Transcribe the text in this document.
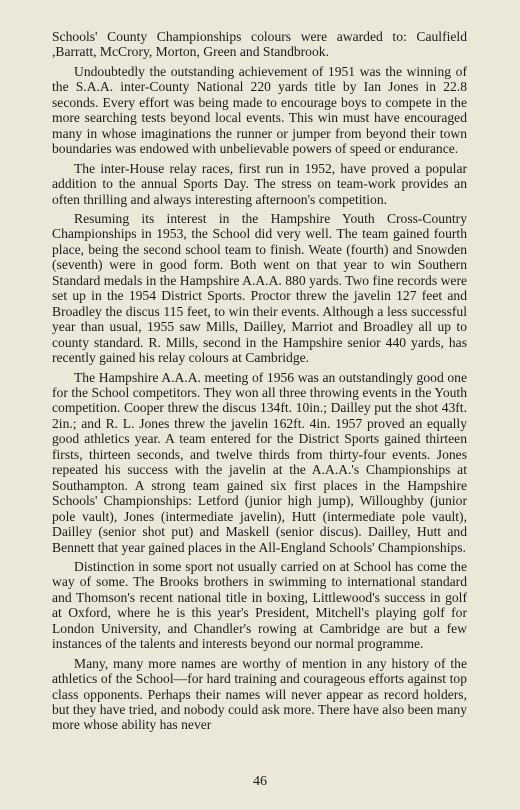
Schools' County Championships colours were awarded to: Caulfield ,Barratt, McCrory, Morton, Green and Standbrook.

Undoubtedly the outstanding achievement of 1951 was the winning of the S.A.A. inter-County National 220 yards title by Ian Jones in 22.8 seconds. Every effort was being made to encourage boys to compete in the more searching tests beyond local events. This win must have encouraged many in whose imaginations the runner or jumper from beyond their town boundaries was endowed with unbelievable powers of speed or endurance.

The inter-House relay races, first run in 1952, have proved a popular addition to the annual Sports Day. The stress on team-work provides an often thrilling and always interesting afternoon's competition.

Resuming its interest in the Hampshire Youth Cross-Country Championships in 1953, the School did very well. The team gained fourth place, being the second school team to finish. Weate (fourth) and Snowden (seventh) were in good form. Both went on that year to win Southern Standard medals in the Hampshire A.A.A. 880 yards. Two fine records were set up in the 1954 District Sports. Proctor threw the javelin 127 feet and Broadley the discus 115 feet, to win their events. Although a less successful year than usual, 1955 saw Mills, Dailley, Marriot and Broadley all up to county standard. R. Mills, second in the Hampshire senior 440 yards, has recently gained his relay colours at Cambridge.

The Hampshire A.A.A. meeting of 1956 was an outstandingly good one for the School competitors. They won all three throwing events in the Youth competition. Cooper threw the discus 134ft. 10in.; Dailley put the shot 43ft. 2in.; and R. L. Jones threw the javelin 162ft. 4in. 1957 proved an equally good athletics year. A team entered for the District Sports gained thirteen firsts, thirteen seconds, and twelve thirds from thirty-four events. Jones repeated his success with the javelin at the A.A.A.'s Championships at Southampton. A strong team gained six first places in the Hampshire Schools' Championships: Letford (junior high jump), Willoughby (junior pole vault), Jones (intermediate javelin), Hutt (intermediate pole vault), Dailley (senior shot put) and Maskell (senior discus). Dailley, Hutt and Bennett that year gained places in the All-England Schools' Championships.

Distinction in some sport not usually carried on at School has come the way of some. The Brooks brothers in swimming to international standard and Thomson's recent national title in boxing, Littlewood's success in golf at Oxford, where he is this year's President, Mitchell's playing golf for London University, and Chandler's rowing at Cambridge are but a few instances of the talents and interests beyond our normal programme.

Many, many more names are worthy of mention in any history of the athletics of the School—for hard training and courageous efforts against top class opponents. Perhaps their names will never appear as record holders, but they have tried, and nobody could ask more. There have also been many more whose ability has never

46
